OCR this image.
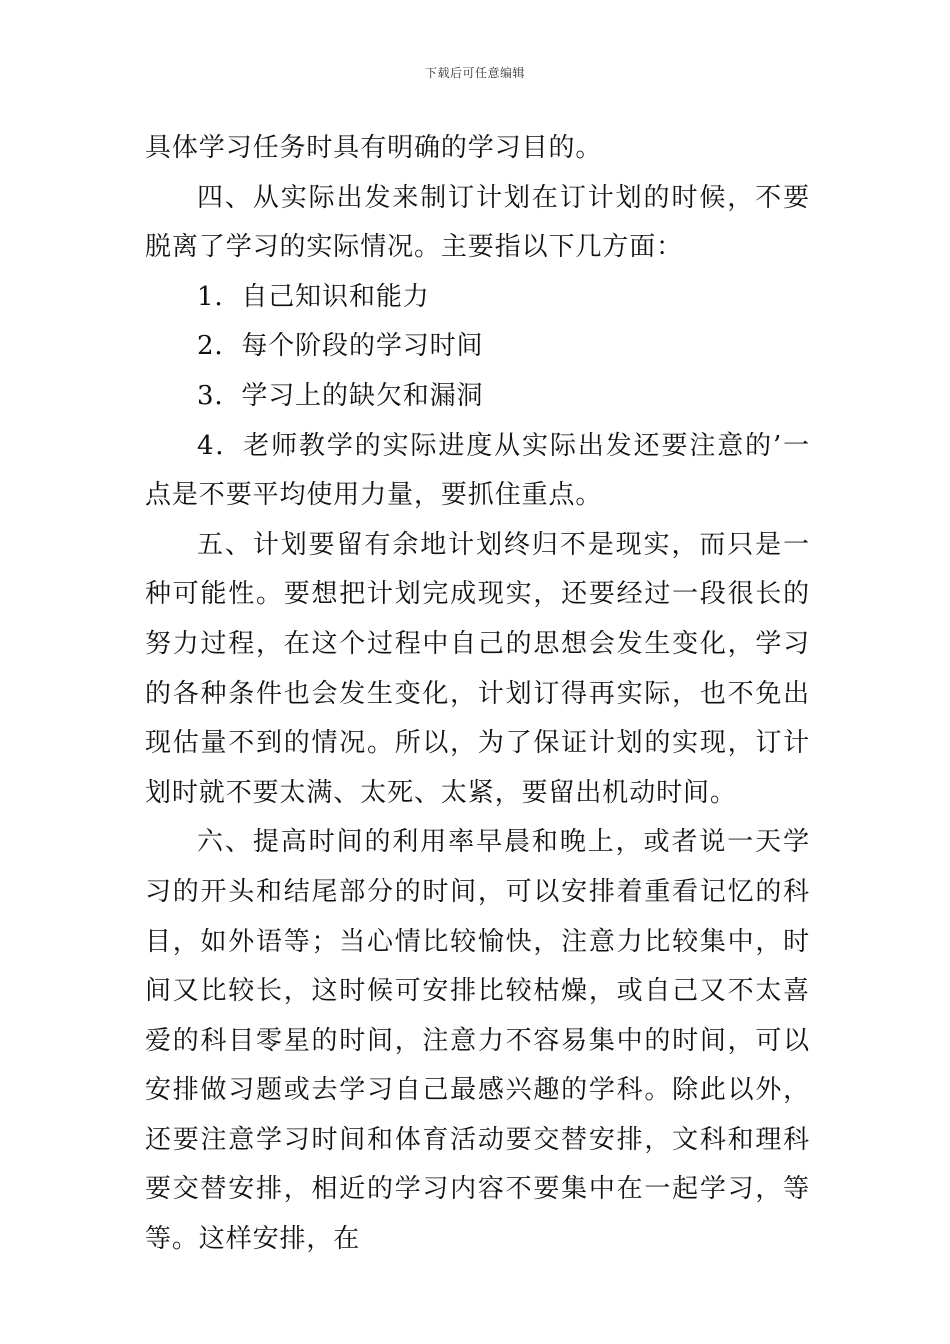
下载后可任意编辑

具体学习任务时具有明确的学习目的。

四、从实际出发来制订计划在订计划的时候，不要脱离了学习的实际情况。主要指以下几方面：

1．自己知识和能力

2．每个阶段的学习时间

3．学习上的缺欠和漏洞

4．老师教学的实际进度从实际出发还要注意的’一点是不要平均使用力量，要抓住重点。

五、计划要留有余地计划终归不是现实，而只是一种可能性。要想把计划完成现实，还要经过一段很长的努力过程，在这个过程中自己的思想会发生变化，学习的各种条件也会发生变化，计划订得再实际，也不免出现估量不到的情况。所以，为了保证计划的实现，订计划时就不要太满、太死、太紧，要留出机动时间。

六、提高时间的利用率早晨和晚上，或者说一天学习的开头和结尾部分的时间，可以安排着重看记忆的科目，如外语等；当心情比较愉快，注意力比较集中，时间又比较长，这时候可安排比较枯燥，或自己又不太喜爱的科目零星的时间，注意力不容易集中的时间，可以安排做习题或去学习自己最感兴趣的学科。除此以外，还要注意学习时间和体育活动要交替安排，文科和理科要交替安排，相近的学习内容不要集中在一起学习，等等。这样安排，在
